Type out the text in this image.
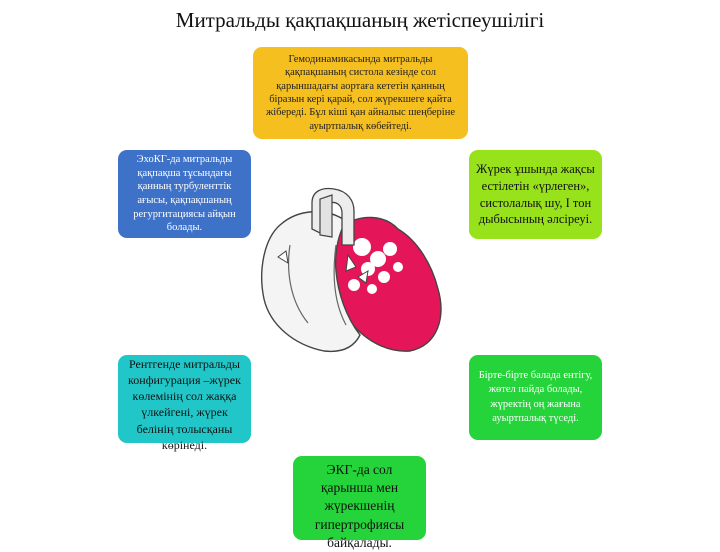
Митральды қақпақшаның жетіспеушілігі
Гемодинамикасында митральды қақпақшаның систола кезінде сол қарыншадағы аортаға кететін қанның біразын кері қарай, сол жүрекшеге қайта жібереді. Бұл кіші қан айналыс шеңберіне ауыртпалық көбейтеді.
ЭхоКГ-да митральды қақпақша тұсындағы қанның турбуленттік ағысы, қақпақшаның регургитациясы айқын болады.
Жүрек ұшында жақсы естілетін «үрлеген», систолалық шу, I тон дыбысының әлсіреуі.
Рентгенде митральды конфигурация –жүрек көлемінің сол жаққа үлкейгені, жүрек белінің толысқаны көрінеді.
Бірте-бірте балада ентігу, жөтел пайда болады, жүректің оң жағына ауыртпалық түседі.
ЭКГ-да сол қарынша мен жүрекшенің гипертрофиясы байқалады.
